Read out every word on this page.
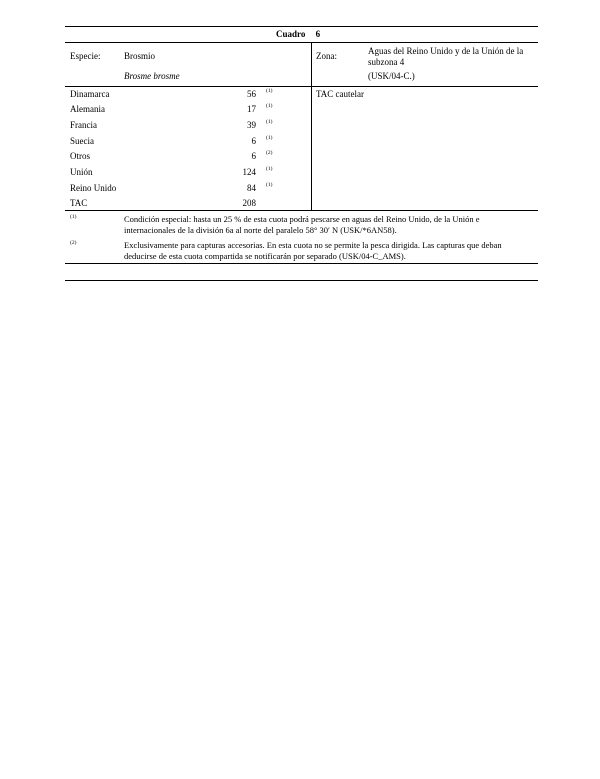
Cuadro 6
Especie:	Brosmio
Brosme brosme
Zona:	Aguas del Reino Unido y de la Unión de la
subzona 4
(USK/04-C.)
Dinamarca	56 (1)
Alemania	17 (1)
Francia	39 (1)
Suecia	6 (1)
Otros	6 (2)
Unión	124 (1)
Reino Unido	84 (1)
TAC	208
TAC cautelar
(1)	Condición especial: hasta un 25 % de esta cuota podrá pescarse en aguas del Reino Unido, de la Unión e
internacionales de la división 6a al norte del paralelo 58° 30′ N (USK/*6AN58).
(2)	Exclusivamente para capturas accesorias. En esta cuota no se permite la pesca dirigida. Las capturas que deban
deducirse de esta cuota compartida se notificarán por separado (USK/04-C_AMS).
